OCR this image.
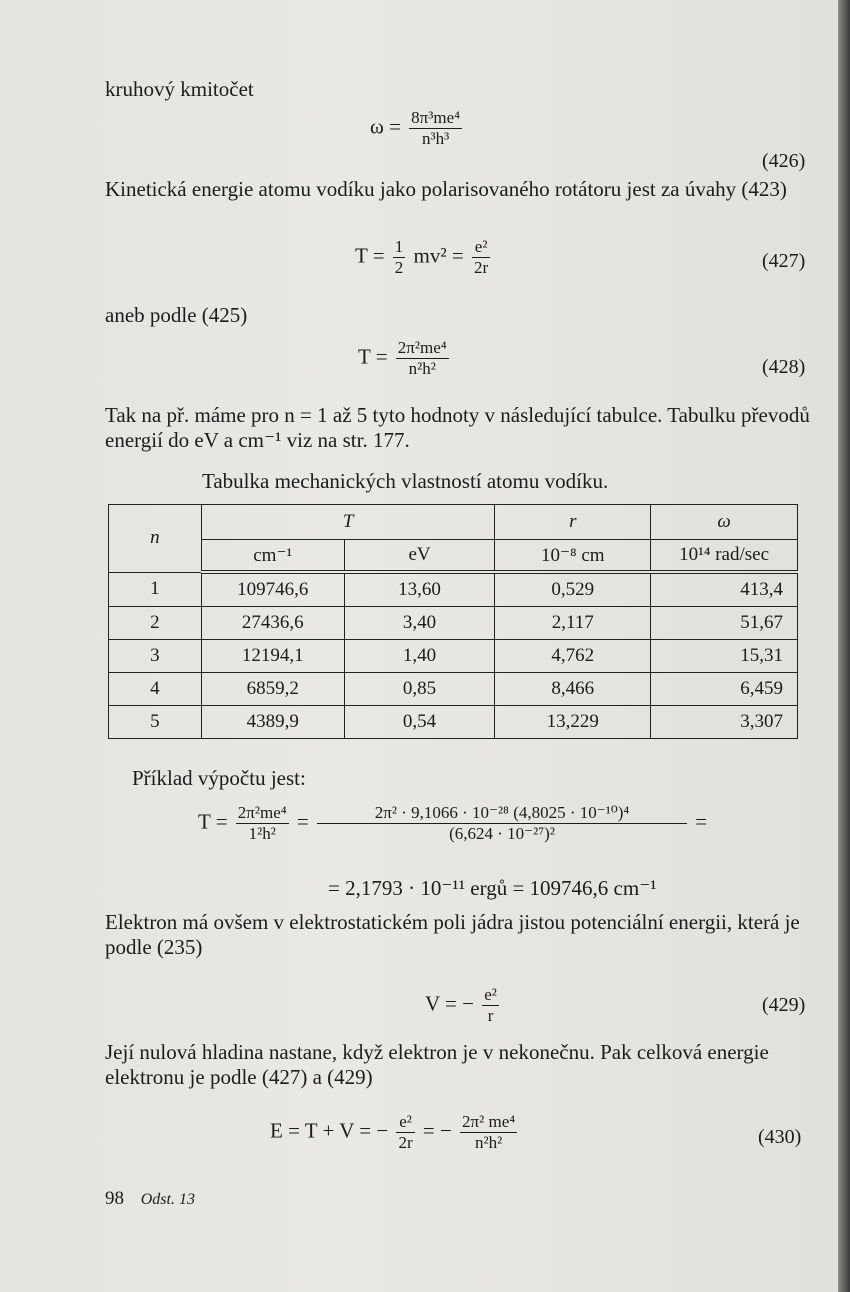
kruhový kmitočet
$\omega = \frac{\text{8π³me⁴}}{\text{n³h³}}$
(426)
Kinetická energie atomu vodíku jako polarisovaného rotátoru jest za úvahy (423)
$T = \frac{1}{2} mv^2 = \frac{\text{e²}}{2r}$	(427)
aneb podle (425)
$T = \frac{\text{2π²me⁴}}{\text{n²h²}}$	(428)
Tak na př. máme pro n = 1 až 5 tyto hodnoty v následující tabulce. Tabulku převodů energií do eV a cm⁻¹ viz na str. 177.
Tabulka mechanických vlastností atomu vodíku.
n	T		r	ω
	cm⁻¹	eV	10⁻⁸ cm	10¹⁴ rad/sec
1	109746,6	13,60	0,529	413,4
2	27436,6	3,40	2,117	51,67
3	12194,1	1,40	4,762	15,31
4	6859,2	0,85	8,466	6,459
5	4389,9	0,54	13,229	3,307
Příklad výpočtu jest:
$T = \frac{\text{2π²me⁴}}{\text{1²h²}} = \frac{\text{2π² · 9,1066 · 10⁻²⁸ (4,8025 · 10⁻¹⁰)⁴}}{\text{(6,624 · 10⁻²⁷)²}}$ =
= 2,1793 · 10⁻¹¹ ergů = 109746,6 cm⁻¹
Elektron má ovšem v elektrostatickém poli jádra jistou potenciální energii, která je podle (235)
V = − $\frac{\text{e²}}{r}$	(429)
Její nulová hladina nastane, když elektron je v nekonečnu. Pak celková energie elektronu je podle (427) a (429)
E = T + V = − $\frac{\text{e²}}{2r}$ = − $\frac{\text{2π² me⁴}}{\text{n²h²}}$	(430)
98 Odst. 13
